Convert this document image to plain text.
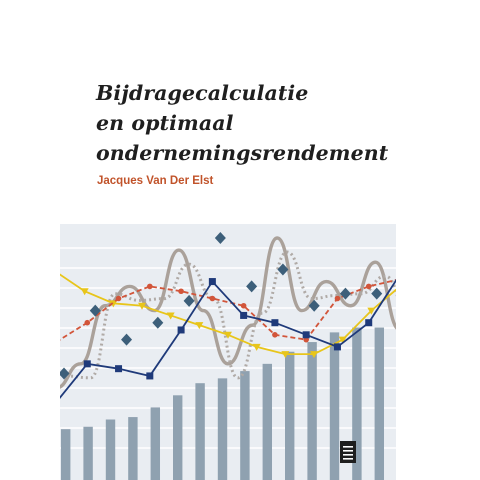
Bijdragecalculatie
en optimaal
ondernemingsrendement
Jacques Van Der Elst
